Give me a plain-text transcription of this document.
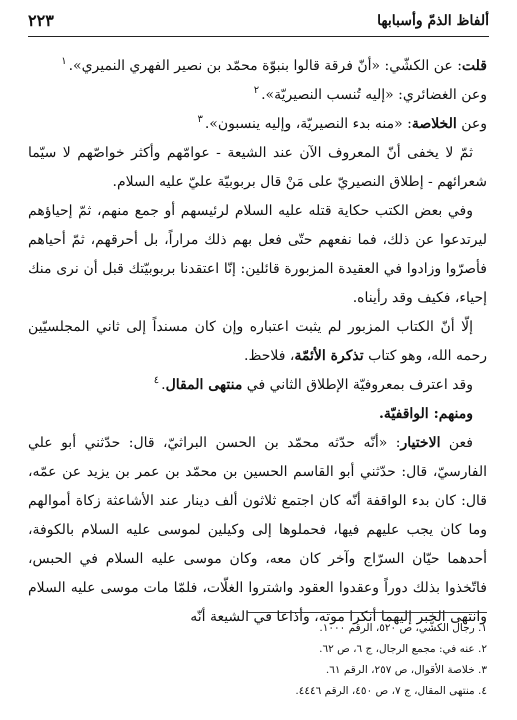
ألفاظ الذمّ وأسبابها
٢٢٣

قلت: عن الكشّي: «أنّ فرقة قالوا بنبوّة محمّد بن نصير الفهري النميري».$^١$

وعن الغضائري: «إليه تُنسب النصيريّة».$^٢$

وعن الخلاصة: «منه بدء النصيريّة، وإليه ينسبون».$^٣$

ثمّ لا يخفى أنّ المعروف الآن عند الشيعة - عوامّهم وأكثر خواصّهم لا سيّما شعرائهم - إطلاق النصيريّ على مَنْ قال بربوبيّة عليّ عليه السلام.

وفي بعض الكتب حكاية قتله عليه السلام لرئيسهم أو جمع منهم، ثمّ إحياؤهم ليرتدعوا عن ذلك، فما نفعهم حتّى فعل بهم ذلك مراراً، بل أحرقهم، ثمّ أحياهم فأصرّوا وزادوا في العقيدة المزبورة قائلين: إنّا اعتقدنا بربوبيّتك قبل أن نرى منك إحياء، فكيف وقد رأيناه.

إلّا أنّ الكتاب المزبور لم يثبت اعتباره وإن كان مسنداً إلى ثاني المجلسيّين رحمه الله، وهو كتاب تذكرة الأئمّة، فلاحظ.

وقد اعترف بمعروفيّة الإطلاق الثاني في منتهى المقال.$^٤$

ومنهم: الواقفيّة.

فعن الاختيار: «أنّه حدّثه محمّد بن الحسن البراثيّ، قال: حدّثني أبو علي الفارسيّ، قال: حدّثني أبو القاسم الحسين بن محمّد بن عمر بن يزيد عن عمّه، قال: كان بدء الواقفة أنّه كان اجتمع ثلاثون ألف دينار عند الأشاعثة زكاة أموالهم وما كان يجب عليهم فيها، فحملوها إلى وكيلين لموسى عليه السلام بالكوفة، أحدهما حيّان السرّاج وآخر كان معه، وكان موسى عليه السلام في الحبس، فاتّخذوا بذلك دوراً وعقدوا العقود واشتروا الغلّات، فلمّا مات موسى عليه السلام وانتهى الخبر إليهما أنكرا موته، وأذاعا في الشيعة أنّه

١. رجال الكشّي، ص ٥٢٠، الرقم ١٠٠٠.

٢. عنه في: مجمع الرجال، ج ٦، ص ٦٢.

٣. خلاصة الأقوال، ص ٢٥٧، الرقم ٦١.

٤. منتهى المقال، ج ٧، ص ٤٥٠، الرقم ٤٤٤٦.
